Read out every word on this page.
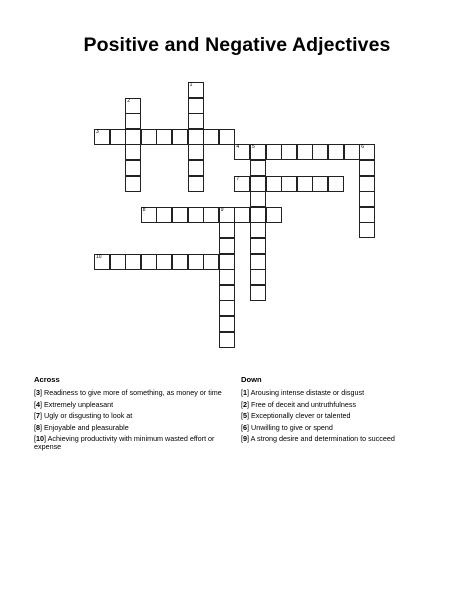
Positive and Negative Adjectives
1
2
3
4	5	6
7
8	9
10
Across
[3] Readiness to give more of something, as money or time
[4] Extremely unpleasant
[7] Ugly or disgusting to look at
[8] Enjoyable and pleasurable
[10] Achieving productivity with minimum wasted effort or expense
Down
[1] Arousing intense distaste or disgust
[2] Free of deceit and untruthfulness
[5] Exceptionally clever or talented
[6] Unwilling to give or spend
[9] A strong desire and determination to succeed
